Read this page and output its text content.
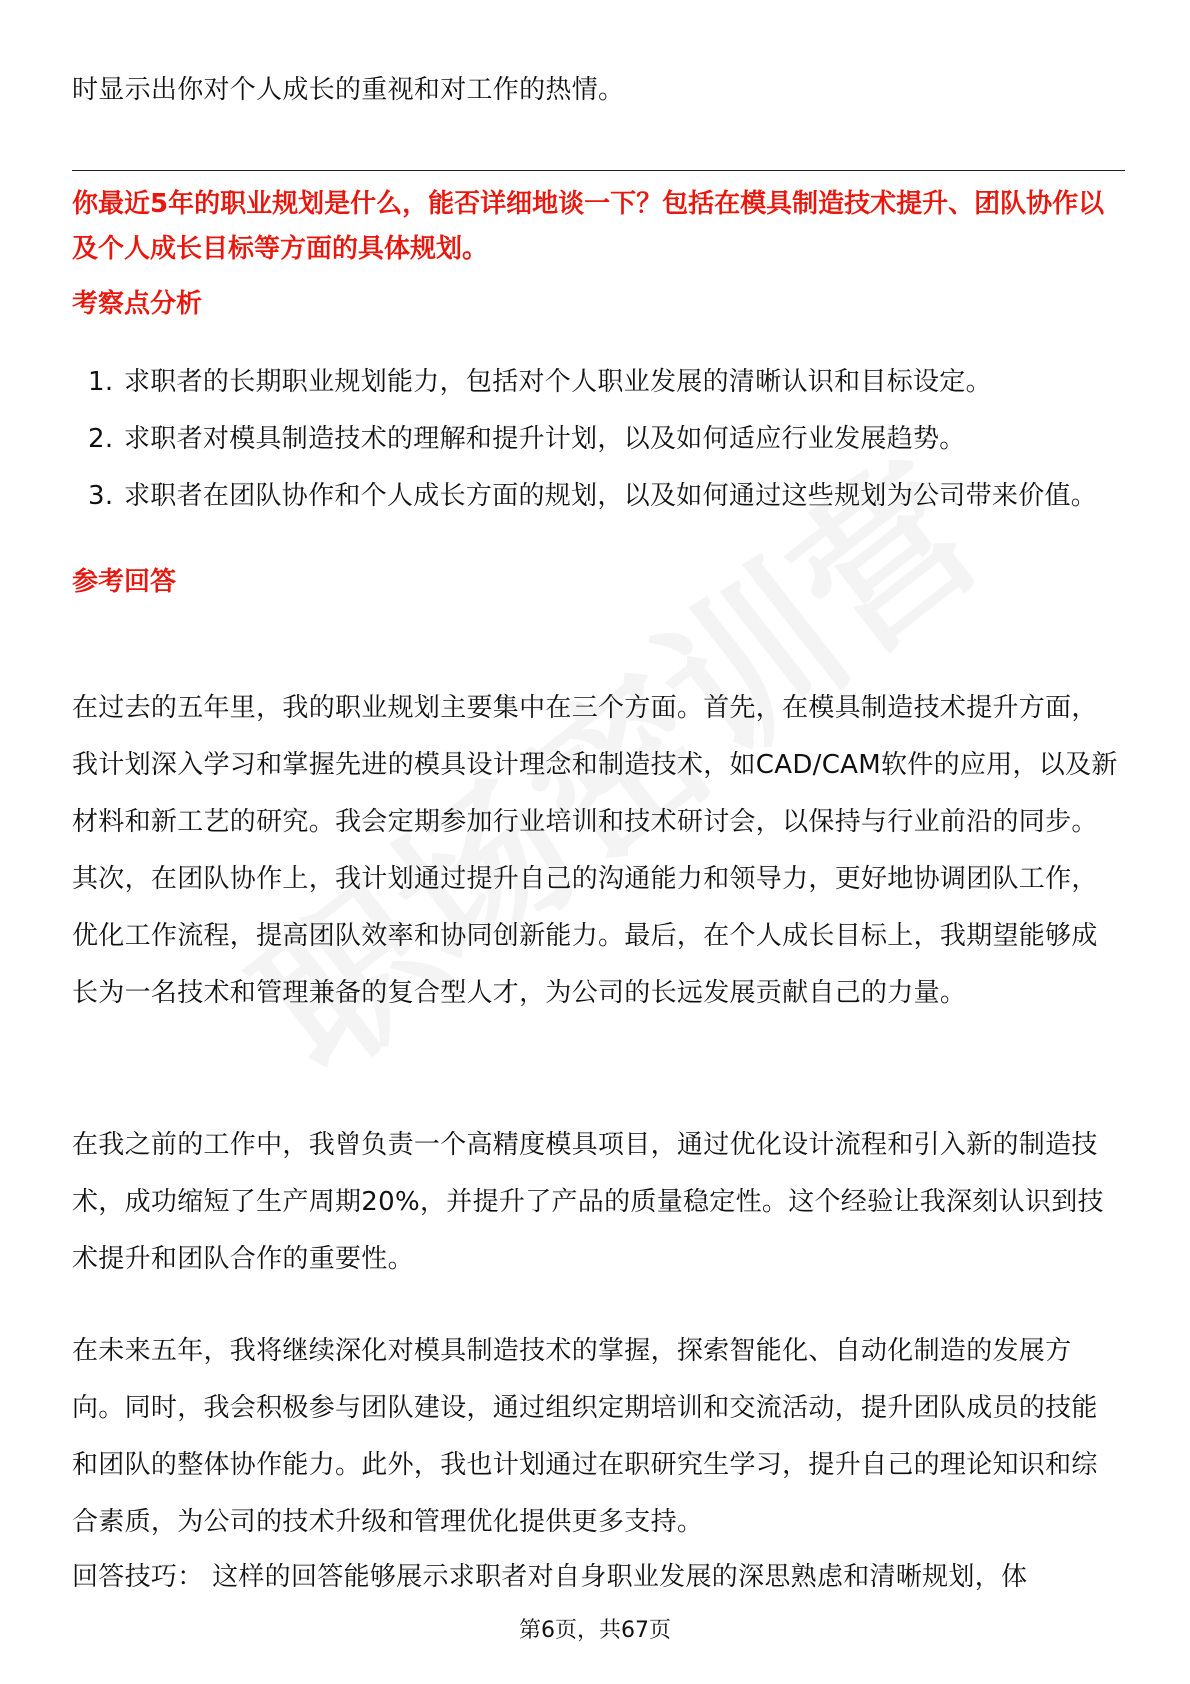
时显示出你对个人成长的重视和对工作的热情。
你最近5年的职业规划是什么，能否详细地谈一下？包括在模具制造技术提升、团队协作以及个人成长目标等方面的具体规划。
考察点分析
1. 求职者的长期职业规划能力，包括对个人职业发展的清晰认识和目标设定。
2. 求职者对模具制造技术的理解和提升计划，以及如何适应行业发展趋势。
3. 求职者在团队协作和个人成长方面的规划，以及如何通过这些规划为公司带来价值。
参考回答
在过去的五年里，我的职业规划主要集中在三个方面。首先，在模具制造技术提升方面，我计划深入学习和掌握先进的模具设计理念和制造技术，如CAD/CAM软件的应用，以及新材料和新工艺的研究。我会定期参加行业培训和技术研讨会，以保持与行业前沿的同步。其次，在团队协作上，我计划通过提升自己的沟通能力和领导力，更好地协调团队工作，优化工作流程，提高团队效率和协同创新能力。最后，在个人成长目标上，我期望能够成长为一名技术和管理兼备的复合型人才，为公司的长远发展贡献自己的力量。
在我之前的工作中，我曾负责一个高精度模具项目，通过优化设计流程和引入新的制造技术，成功缩短了生产周期20%，并提升了产品的质量稳定性。这个经验让我深刻认识到技术提升和团队合作的重要性。
在未来五年，我将继续深化对模具制造技术的掌握，探索智能化、自动化制造的发展方向。同时，我会积极参与团队建设，通过组织定期培训和交流活动，提升团队成员的技能和团队的整体协作能力。此外，我也计划通过在职研究生学习，提升自己的理论知识和综合素质，为公司的技术升级和管理优化提供更多支持。
回答技巧： 这样的回答能够展示求职者对自身职业发展的深思熟虑和清晰规划，体
第6页，共67页
